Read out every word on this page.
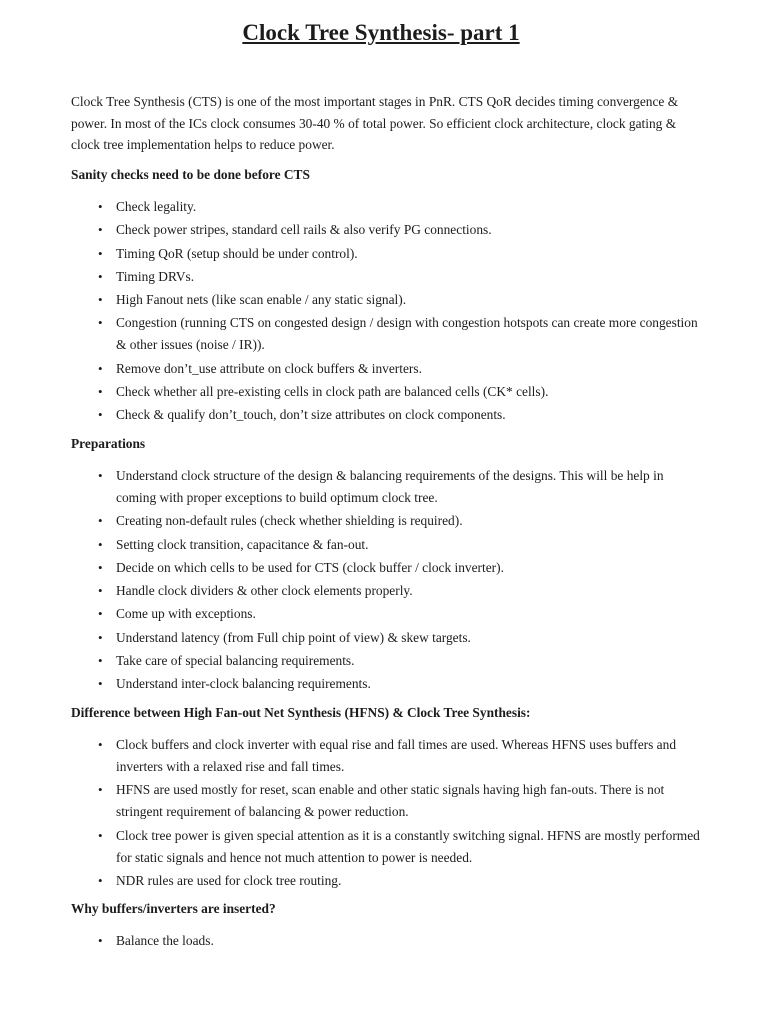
Clock Tree Synthesis- part 1

Clock Tree Synthesis (CTS) is one of the most important stages in PnR. CTS QoR decides timing convergence & power. In most of the ICs clock consumes 30-40 % of total power. So efficient clock architecture, clock gating & clock tree implementation helps to reduce power.

Sanity checks need to be done before CTS
• Check legality.
• Check power stripes, standard cell rails & also verify PG connections.
• Timing QoR (setup should be under control).
• Timing DRVs.
• High Fanout nets (like scan enable / any static signal).
• Congestion (running CTS on congested design / design with congestion hotspots can create more congestion & other issues (noise / IR)).
• Remove don’t_use attribute on clock buffers & inverters.
• Check whether all pre-existing cells in clock path are balanced cells (CK* cells).
• Check & qualify don’t_touch, don’t size attributes on clock components.
Preparations
• Understand clock structure of the design & balancing requirements of the designs. This will be help in coming with proper exceptions to build optimum clock tree.
• Creating non-default rules (check whether shielding is required).
• Setting clock transition, capacitance & fan-out.
• Decide on which cells to be used for CTS (clock buffer / clock inverter).
• Handle clock dividers & other clock elements properly.
• Come up with exceptions.
• Understand latency (from Full chip point of view) & skew targets.
• Take care of special balancing requirements.
• Understand inter-clock balancing requirements.
Difference between High Fan-out Net Synthesis (HFNS) & Clock Tree Synthesis:
• Clock buffers and clock inverter with equal rise and fall times are used. Whereas HFNS uses buffers and inverters with a relaxed rise and fall times.
• HFNS are used mostly for reset, scan enable and other static signals having high fan-outs. There is not stringent requirement of balancing & power reduction.
• Clock tree power is given special attention as it is a constantly switching signal. HFNS are mostly performed for static signals and hence not much attention to power is needed.
• NDR rules are used for clock tree routing.
Why buffers/inverters are inserted?
• Balance the loads.
